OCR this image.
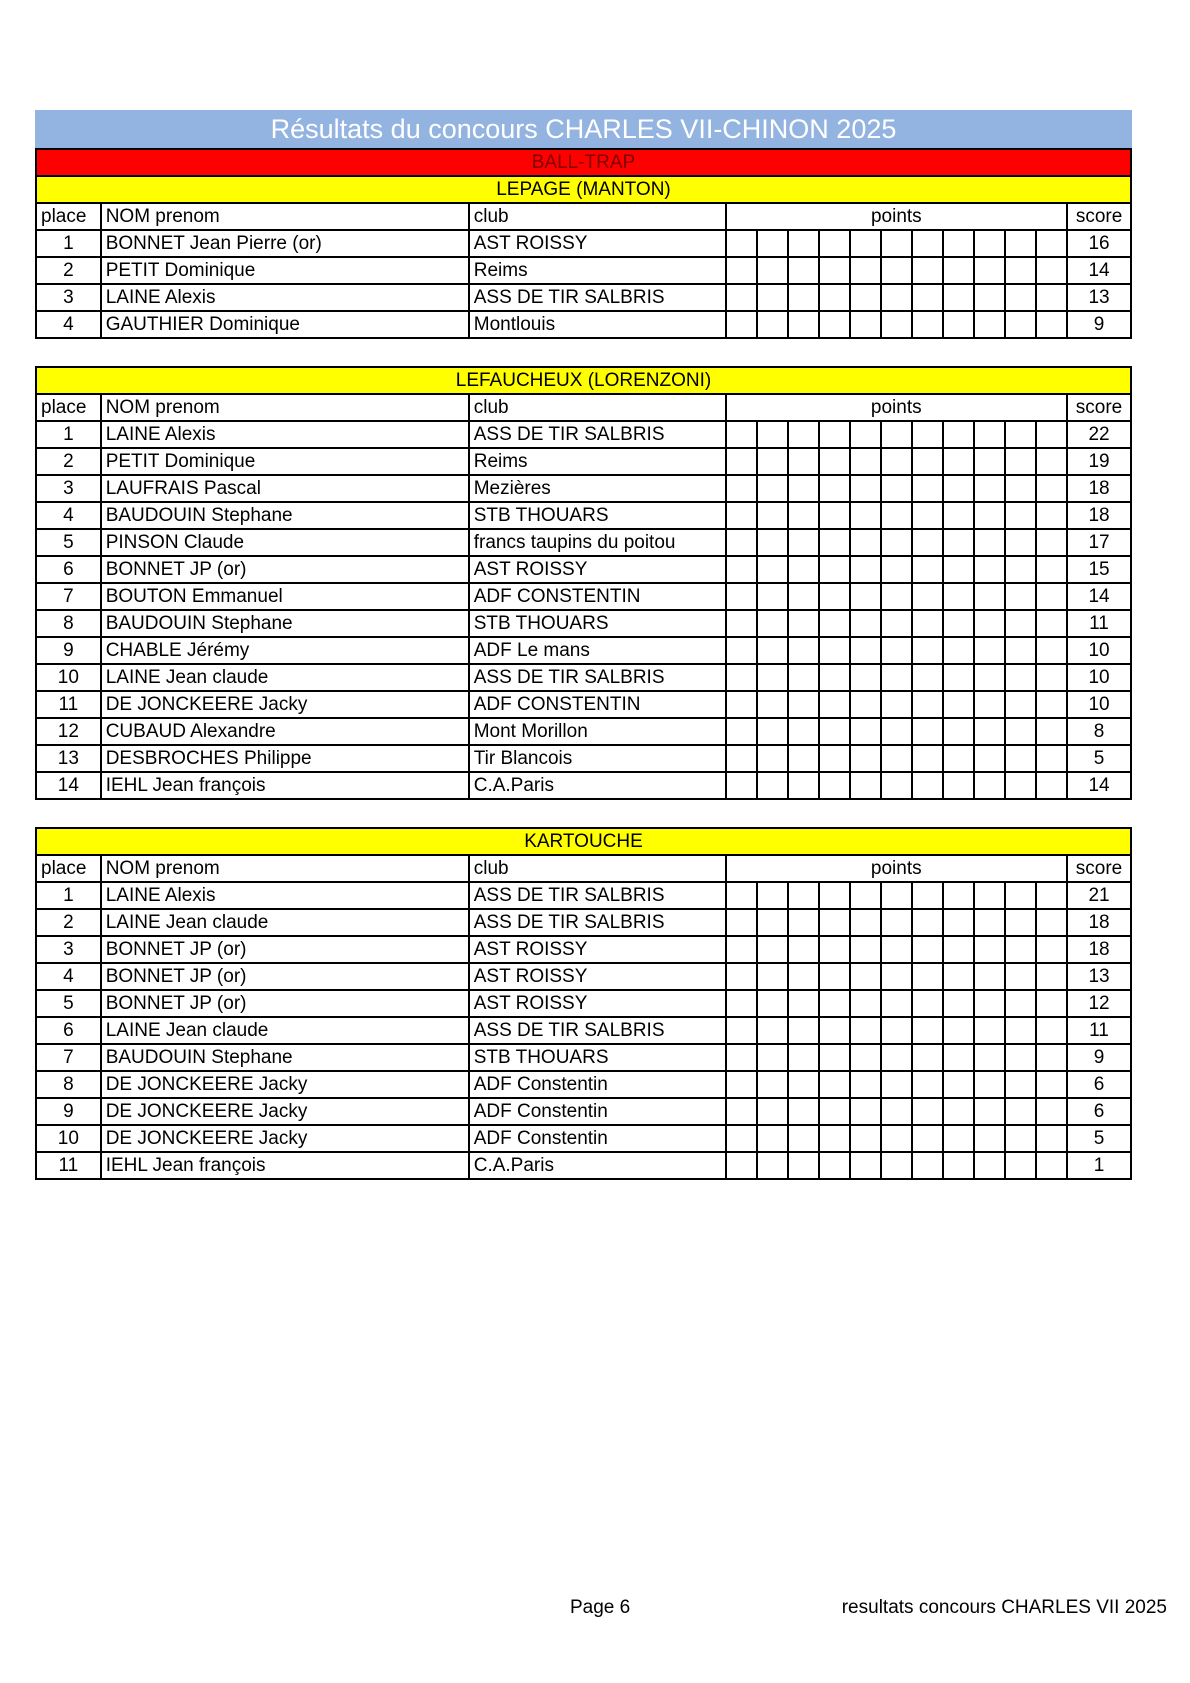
Résultats du concours CHARLES VII-CHINON 2025
BALL-TRAP														
LEPAGE (MANTON)														
place	NOM prenom	club	points											score
1	BONNET Jean Pierre (or)	AST ROISSY												16
2	PETIT Dominique	Reims												14
3	LAINE Alexis	ASS DE TIR SALBRIS												13
4	GAUTHIER Dominique	Montlouis												9
LEFAUCHEUX (LORENZONI)														
place	NOM prenom	club	points											score
1	LAINE Alexis	ASS DE TIR SALBRIS												22
2	PETIT Dominique	Reims												19
3	LAUFRAIS Pascal	Mezières												18
4	BAUDOUIN Stephane	STB THOUARS												18
5	PINSON Claude	francs taupins du poitou												17
6	BONNET JP (or)	AST ROISSY												15
7	BOUTON Emmanuel	ADF CONSTENTIN												14
8	BAUDOUIN Stephane	STB THOUARS												11
9	CHABLE Jérémy	ADF Le mans												10
10	LAINE Jean claude	ASS DE TIR SALBRIS												10
11	DE JONCKEERE Jacky	ADF CONSTENTIN												10
12	CUBAUD Alexandre	Mont Morillon												8
13	DESBROCHES Philippe	Tir Blancois												5
14	IEHL Jean françois	C.A.Paris												14
KARTOUCHE														
place	NOM prenom	club	points											score
1	LAINE Alexis	ASS DE TIR SALBRIS												21
2	LAINE Jean claude	ASS DE TIR SALBRIS												18
3	BONNET JP (or)	AST ROISSY												18
4	BONNET JP (or)	AST ROISSY												13
5	BONNET JP (or)	AST ROISSY												12
6	LAINE Jean claude	ASS DE TIR SALBRIS												11
7	BAUDOUIN Stephane	STB THOUARS												9
8	DE JONCKEERE Jacky	ADF Constentin												6
9	DE JONCKEERE Jacky	ADF Constentin												6
10	DE JONCKEERE Jacky	ADF Constentin												5
11	IEHL Jean françois	C.A.Paris												1
Page 6	resultats concours CHARLES VII 2025
